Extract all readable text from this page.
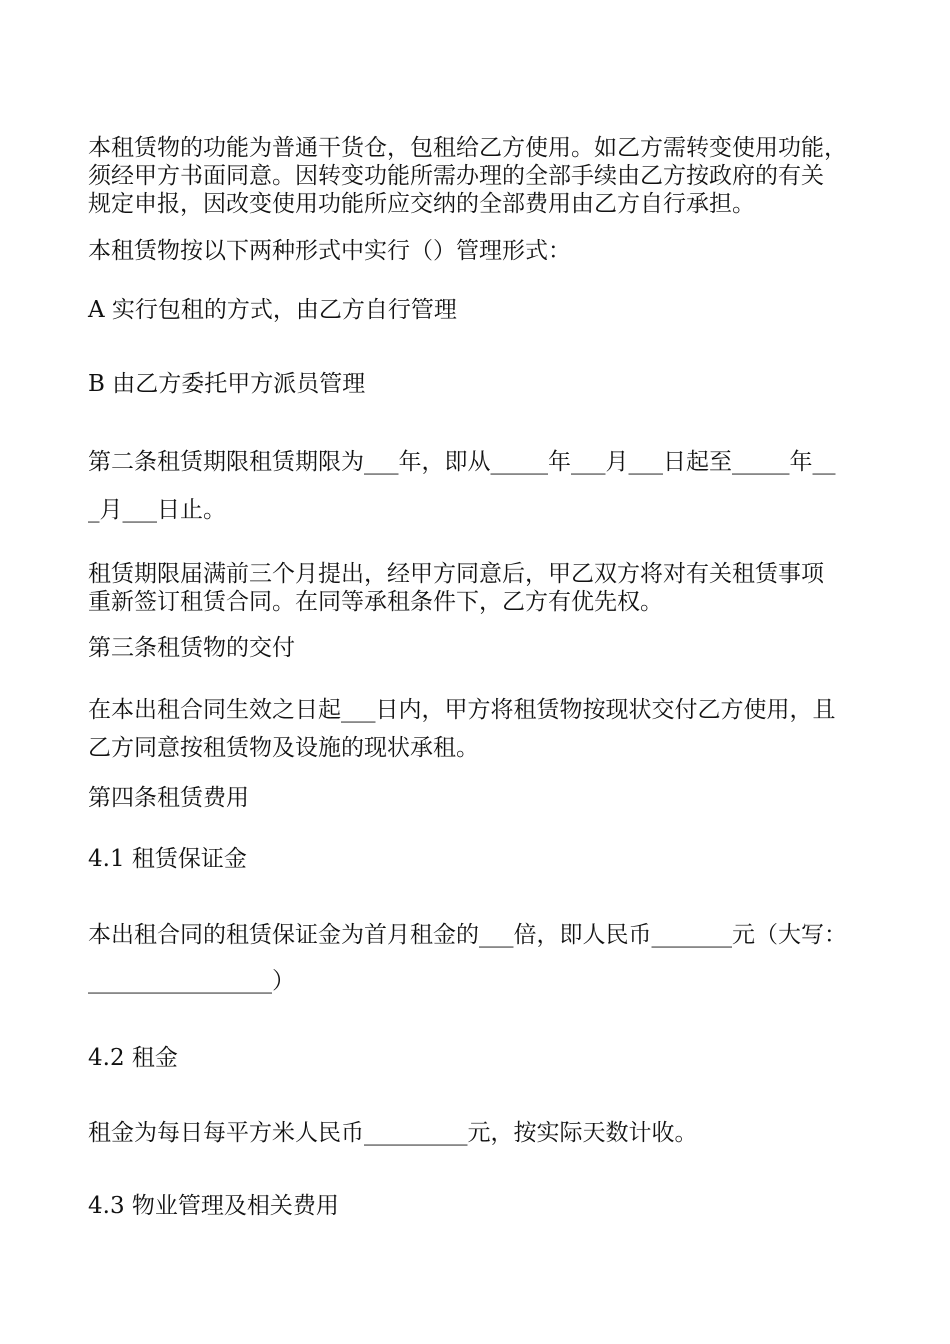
本租赁物的功能为普通干货仓，包租给乙方使用。如乙方需转变使用功能，

须经甲方书面同意。因转变功能所需办理的全部手续由乙方按政府的有关

规定申报，因改变使用功能所应交纳的全部费用由乙方自行承担。

本租赁物按以下两种形式中实行（）管理形式：

A 实行包租的方式，由乙方自行管理

B 由乙方委托甲方派员管理

第二条租赁期限租赁期限为___年，即从_____年___月___日起至_____年__

_月___日止。

租赁期限届满前三个月提出，经甲方同意后，甲乙双方将对有关租赁事项

重新签订租赁合同。在同等承租条件下，乙方有优先权。

第三条租赁物的交付

在本出租合同生效之日起___日内，甲方将租赁物按现状交付乙方使用，且

乙方同意按租赁物及设施的现状承租。

第四条租赁费用

4.1 租赁保证金

本出租合同的租赁保证金为首月租金的___倍，即人民币_______元（大写：

________________）

4.2 租金

租金为每日每平方米人民币_________元，按实际天数计收。

4.3 物业管理及相关费用
